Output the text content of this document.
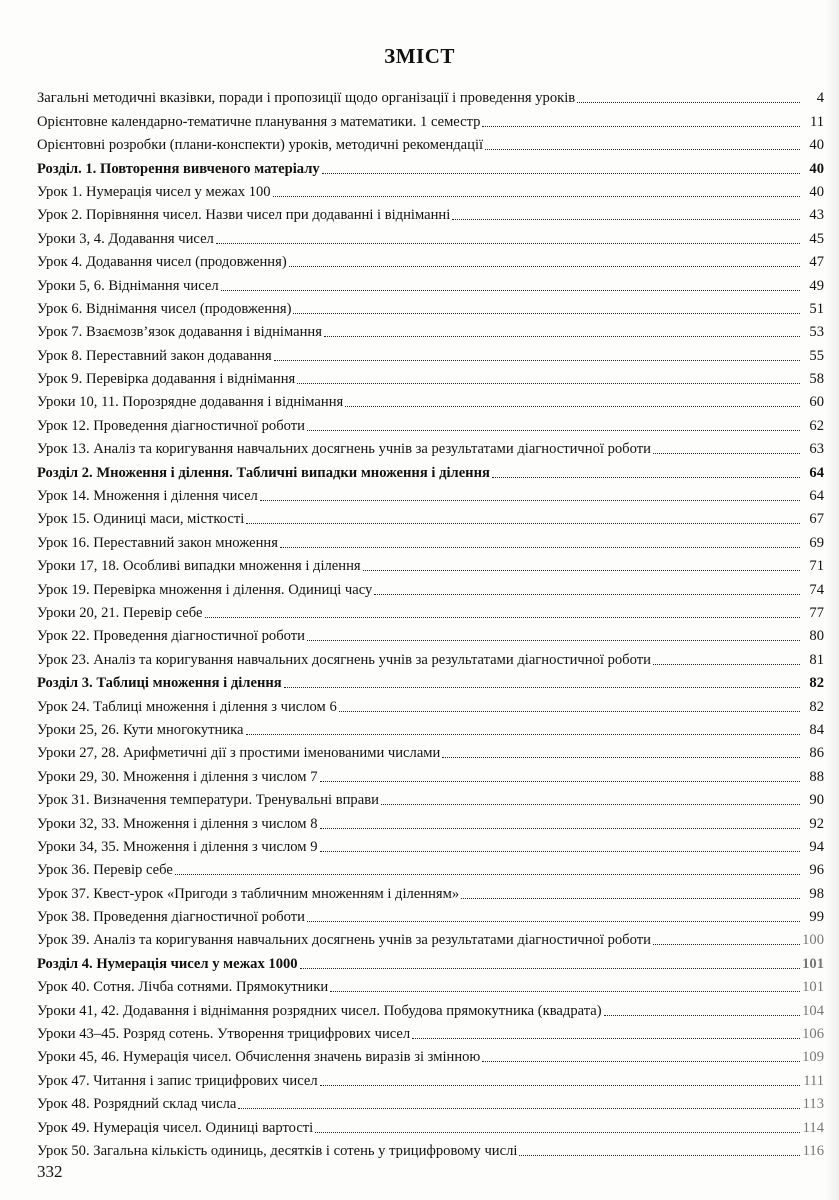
ЗМІСТ
Загальні методичні вказівки, поради і пропозиції щодо організації і проведення уроків	4
Орієнтовне календарно-тематичне планування з математики. 1 семестр	11
Орієнтовні розробки (плани-конспекти) уроків, методичні рекомендації	40
Розділ. 1. Повторення вивченого матеріалу	40
Урок 1. Нумерація чисел у межах 100	40
Урок 2. Порівняння чисел. Назви чисел при додаванні і відніманні	43
Уроки 3, 4. Додавання чисел	45
Урок 4. Додавання чисел (продовження)	47
Уроки 5, 6. Віднімання чисел	49
Урок 6. Віднімання чисел (продовження)	51
Урок 7. Взаємозв’язок додавання і віднімання	53
Урок 8. Переставний закон додавання	55
Урок 9. Перевірка додавання і віднімання	58
Уроки 10, 11. Порозрядне додавання і віднімання	60
Урок 12. Проведення діагностичної роботи	62
Урок 13. Аналіз та коригування навчальних досягнень учнів за результатами діагностичної роботи	63
Розділ 2. Множення і ділення. Табличні випадки множення і ділення	64
Урок 14. Множення і ділення чисел	64
Урок 15. Одиниці маси, місткості	67
Урок 16. Переставний закон множення	69
Уроки 17, 18. Особливі випадки множення і ділення	71
Урок 19. Перевірка множення і ділення. Одиниці часу	74
Уроки 20, 21. Перевір себе	77
Урок 22. Проведення діагностичної роботи	80
Урок 23. Аналіз та коригування навчальних досягнень учнів за результатами діагностичної роботи	81
Розділ 3. Таблиці множення і ділення	82
Урок 24. Таблиці множення і ділення з числом 6	82
Уроки 25, 26. Кути многокутника	84
Уроки 27, 28. Арифметичні дії з простими іменованими числами	86
Уроки 29, 30. Множення і ділення з числом 7	88
Урок 31. Визначення температури. Тренувальні вправи	90
Уроки 32, 33. Множення і ділення з числом 8	92
Уроки 34, 35. Множення і ділення з числом 9	94
Урок 36. Перевір себе	96
Урок 37. Квест-урок «Пригоди з табличним множенням і діленням»	98
Урок 38. Проведення діагностичної роботи	99
Урок 39. Аналіз та коригування навчальних досягнень учнів за результатами діагностичної роботи	100
Розділ 4. Нумерація чисел у межах 1000	101
Урок 40. Сотня. Лічба сотнями. Прямокутники	101
Уроки 41, 42. Додавання і віднімання розрядних чисел. Побудова прямокутника (квадрата)	104
Уроки 43–45. Розряд сотень. Утворення трицифрових чисел	106
Уроки 45, 46. Нумерація чисел. Обчислення значень виразів зі змінною	109
Урок 47. Читання і запис трицифрових чисел	111
Урок 48. Розрядний склад числа	113
Урок 49. Нумерація чисел. Одиниці вартості	114
Урок 50. Загальна кількість одиниць, десятків і сотень у трицифровому числі	116
332
